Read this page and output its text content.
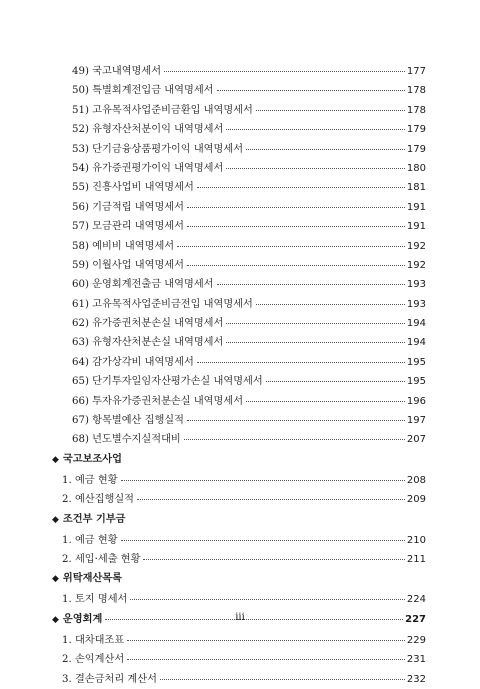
49) 국고내역명세서	177
50) 특별회계전입금 내역명세서	178
51) 고유목적사업준비금환입 내역명세서	178
52) 유형자산처분이익 내역명세서	179
53) 단기금융상품평가이익 내역명세서	179
54) 유가증권평가이익 내역명세서	180
55) 진흥사업비 내역명세서	181
56) 기금적립 내역명세서	191
57) 모금관리 내역명세서	191
58) 예비비 내역명세서	192
59) 이월사업 내역명세서	192
60) 운영회계전출금 내역명세서	193
61) 고유목적사업준비금전입 내역명세서	193
62) 유가증권처분손실 내역명세서	194
63) 유형자산처분손실 내역명세서	194
64) 감가상각비 내역명세서	195
65) 단기투자일임자산평가손실 내역명세서	195
66) 투자유가증권처분손실 내역명세서	196
67) 항목별예산 집행실적	197
68) 년도별수지실적대비	207
◆ 국고보조사업
1. 예금 현황	208
2. 예산집행실적	209
◆ 조건부 기부금
1. 예금 현황	210
2. 세입·세출 현황	211
◆ 위탁재산목록
1. 토지 명세서	224
◆ 운영회계	227
1. 대차대조표	229
2. 손익계산서	231
3. 결손금처리 계산서	232
iii
